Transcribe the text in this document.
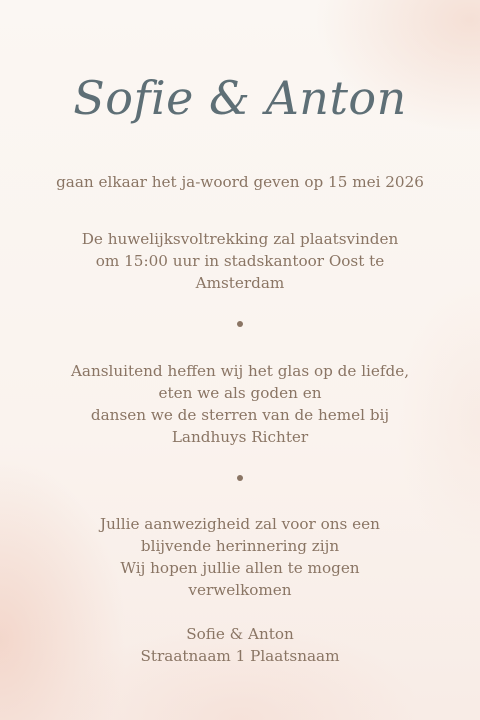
Sofie & Anton
gaan elkaar het ja-woord geven op 15 mei 2026
De huwelijksvoltrekking zal plaatsvinden
om 15:00 uur in stadskantoor Oost te
Amsterdam
Aansluitend heffen wij het glas op de liefde,
eten we als goden en
dansen we de sterren van de hemel bij
Landhuys Richter
Jullie aanwezigheid zal voor ons een
blijvende herinnering zijn
Wij hopen jullie allen te mogen
verwelkomen
Sofie & Anton
Straatnaam 1 Plaatsnaam
